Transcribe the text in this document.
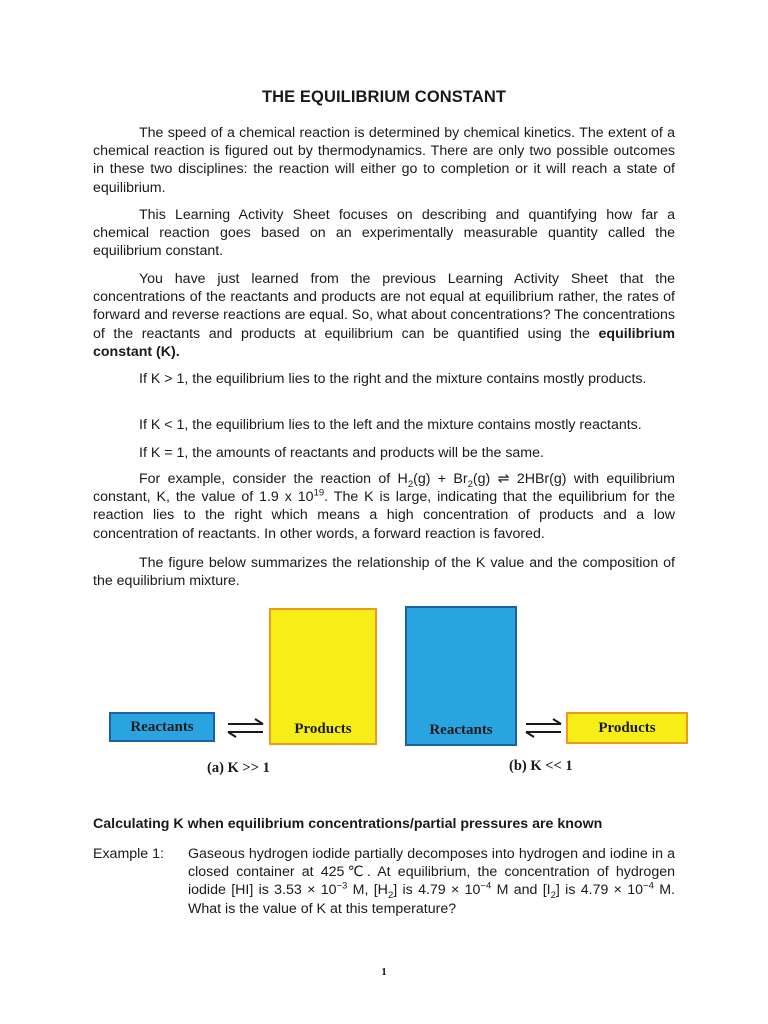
THE EQUILIBRIUM CONSTANT

The speed of a chemical reaction is determined by chemical kinetics. The extent of a chemical reaction is figured out by thermodynamics. There are only two possible outcomes in these two disciplines: the reaction will either go to completion or it will reach a state of equilibrium.

This Learning Activity Sheet focuses on describing and quantifying how far a chemical reaction goes based on an experimentally measurable quantity called the equilibrium constant.

You have just learned from the previous Learning Activity Sheet that the concentrations of the reactants and products are not equal at equilibrium rather, the rates of forward and reverse reactions are equal. So, what about concentrations? The concentrations of the reactants and products at equilibrium can be quantified using the equilibrium constant (K).

If K > 1, the equilibrium lies to the right and the mixture contains mostly products.

If K < 1, the equilibrium lies to the left and the mixture contains mostly reactants.

If K = 1, the amounts of reactants and products will be the same.

For example, consider the reaction of $H_2(g) + Br_2(g)$ ⇌ 2HBr(g) with equilibrium constant, K, the value of 1.9 x $10^{19}$. The K is large, indicating that the equilibrium for the reaction lies to the right which means a high concentration of products and a low concentration of reactants. In other words, a forward reaction is favored.

The figure below summarizes the relationship of the K value and the composition of the equilibrium mixture.

Calculating K when equilibrium concentrations/partial pressures are known

Example 1: Gaseous hydrogen iodide partially decomposes into hydrogen and iodine in a closed container at 425℃. At equilibrium, the concentration of hydrogen iodide [HI] is $3.53 \times 10^{-3}$ M, $[H_2]$ is $4.79 \times 10^{-4}$ M and $[I_2]$ is $4.79 \times 10^{-4}$ M. What is the value of K at this temperature?

Reactants	Products
(a) K >> 1
Reactants	Products
(b) K << 1
1
